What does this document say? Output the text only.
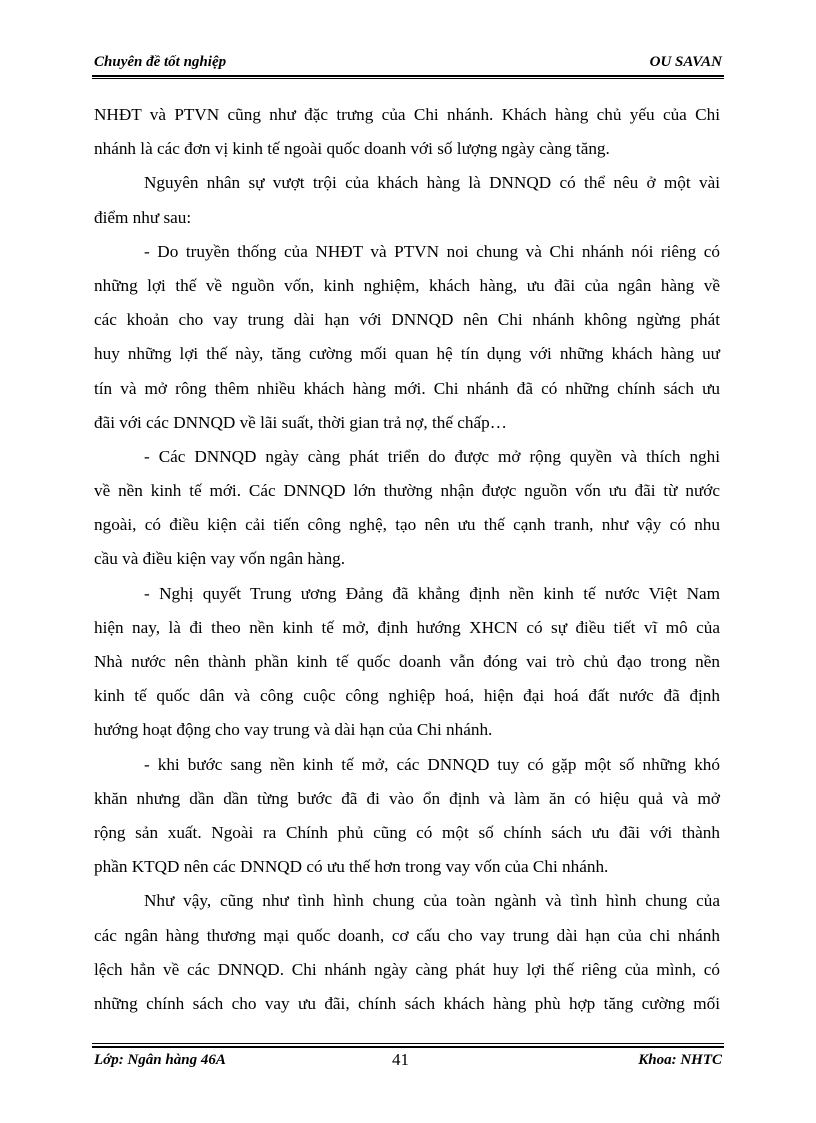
Chuyên đề tốt nghiệp	OU SAVAN
NHĐT và PTVN cũng như đặc trưng của Chi nhánh. Khách hàng chủ yếu của Chi
nhánh là các đơn vị kinh tế ngoài quốc doanh với số lượng ngày càng tăng.
Nguyên nhân sự vượt trội của khách hàng là DNNQD có thể nêu ở một vài
điểm như sau:
- Do truyền thống của NHĐT và PTVN noi chung và Chi nhánh nói riêng có
những lợi thế về nguồn vốn, kinh nghiệm, khách hàng, ưu đãi của ngân hàng về
các khoản cho vay trung dài hạn với DNNQD nên Chi nhánh không ngừng phát
huy những lợi thế này, tăng cường mối quan hệ tín dụng với những khách hàng uư
tín và mở rông thêm nhiều khách hàng mới. Chi nhánh đã có những chính sách ưu
đãi với các DNNQD về lãi suất, thời gian trả nợ, thế chấp…
- Các DNNQD ngày càng phát triển do được mở rộng quyền và thích nghi
về nền kinh tế mới. Các DNNQD lớn thường nhận được nguồn vốn ưu đãi từ nước
ngoài, có điều kiện cải tiến công nghệ, tạo nên ưu thế cạnh tranh, như vậy có nhu
cầu và điều kiện vay vốn ngân hàng.
- Nghị quyết Trung ương Đảng đã khẳng định nền kinh tế nước Việt Nam
hiện nay, là đi theo nền kinh tế mở, định hướng XHCN có sự điều tiết vĩ mô của
Nhà nước nên thành phần kinh tế quốc doanh vẫn đóng vai trò chủ đạo trong nền
kinh tế quốc dân và công cuộc công nghiệp hoá, hiện đại hoá đất nước đã định
hướng hoạt động cho vay trung và dài hạn của Chi nhánh.
- khi bước sang nền kinh tế mở, các DNNQD tuy có gặp một số những khó
khăn nhưng dần dần từng bước đã đi vào ổn định và làm ăn có hiệu quả và mở
rộng sản xuất. Ngoài ra Chính phủ cũng có một số chính sách ưu đãi với thành
phần KTQD nên các DNNQD có ưu thế hơn trong vay vốn của Chi nhánh.
Như vậy, cũng như tình hình chung của toàn ngành và tình hình chung của
các ngân hàng thương mại quốc doanh, cơ cấu cho vay trung dài hạn của chi nhánh
lệch hẳn về các DNNQD. Chi nhánh ngày càng phát huy lợi thế riêng của mình, có
những chính sách cho vay ưu đãi, chính sách khách hàng phù hợp tăng cường mối
Lớp: Ngân hàng 46A	41	Khoa: NHTC
